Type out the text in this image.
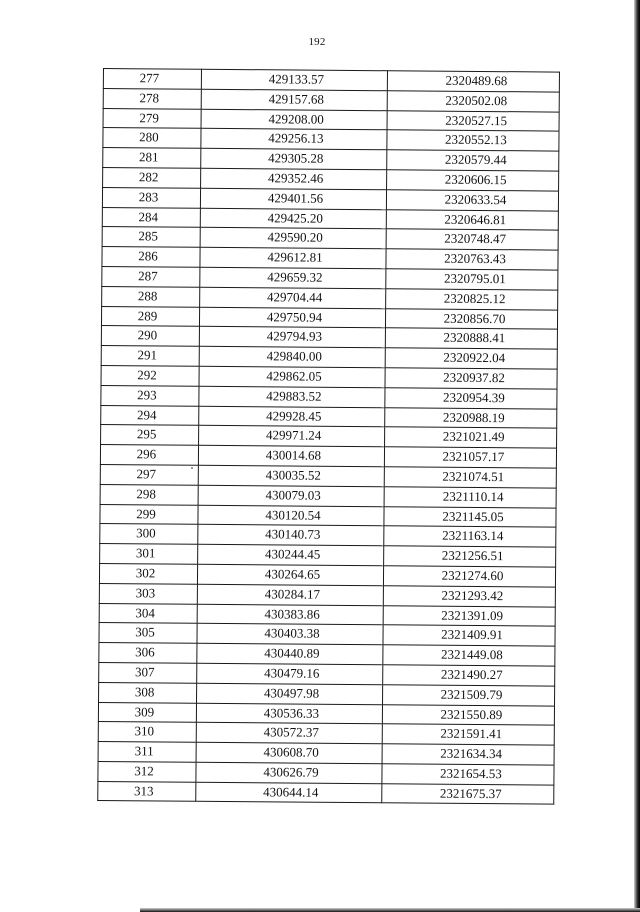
192
277	429133.57	2320489.68
278	429157.68	2320502.08
279	429208.00	2320527.15
280	429256.13	2320552.13
281	429305.28	2320579.44
282	429352.46	2320606.15
283	429401.56	2320633.54
284	429425.20	2320646.81
285	429590.20	2320748.47
286	429612.81	2320763.43
287	429659.32	2320795.01
288	429704.44	2320825.12
289	429750.94	2320856.70
290	429794.93	2320888.41
291	429840.00	2320922.04
292	429862.05	2320937.82
293	429883.52	2320954.39
294	429928.45	2320988.19
295	429971.24	2321021.49
296	430014.68	2321057.17
297	430035.52	2321074.51
298	430079.03	2321110.14
299	430120.54	2321145.05
300	430140.73	2321163.14
301	430244.45	2321256.51
302	430264.65	2321274.60
303	430284.17	2321293.42
304	430383.86	2321391.09
305	430403.38	2321409.91
306	430440.89	2321449.08
307	430479.16	2321490.27
308	430497.98	2321509.79
309	430536.33	2321550.89
310	430572.37	2321591.41
311	430608.70	2321634.34
312	430626.79	2321654.53
313	430644.14	2321675.37
